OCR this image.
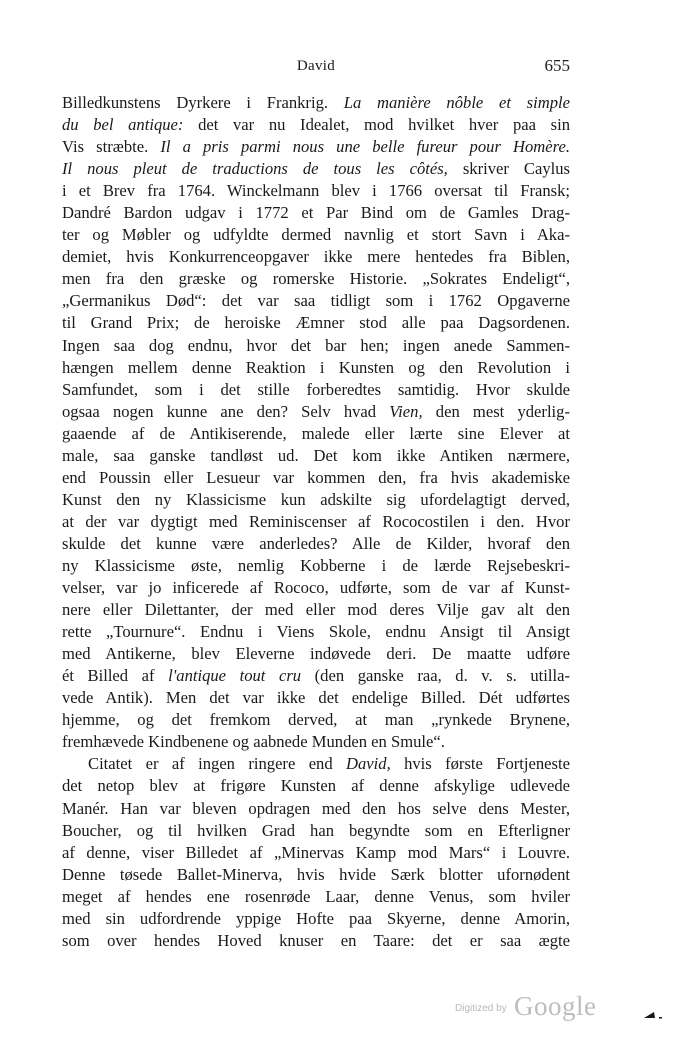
David	655
Billedkunstens Dyrkere i Frankrig. La manière nôble et simple
du bel antique: det var nu Idealet, mod hvilket hver paa sin
Vis stræbte. Il a pris parmi nous une belle fureur pour Homère.
Il nous pleut de traductions de tous les côtés, skriver Caylus
i et Brev fra 1764. Winckelmann blev i 1766 oversat til Fransk;
Dandré Bardon udgav i 1772 et Par Bind om de Gamles Drag-
ter og Møbler og udfyldte dermed navnlig et stort Savn i Aka-
demiet, hvis Konkurrenceopgaver ikke mere hentedes fra Biblen,
men fra den græske og romerske Historie. „Sokrates Endeligt“,
„Germanikus Død“: det var saa tidligt som i 1762 Opgaverne
til Grand Prix; de heroiske Æmner stod alle paa Dagsordenen.
Ingen saa dog endnu, hvor det bar hen; ingen anede Sammen-
hængen mellem denne Reaktion i Kunsten og den Revolution i
Samfundet, som i det stille forberedtes samtidig. Hvor skulde
ogsaa nogen kunne ane den? Selv hvad Vien, den mest yderlig-
gaaende af de Antikiserende, malede eller lærte sine Elever at
male, saa ganske tandløst ud. Det kom ikke Antiken nærmere,
end Poussin eller Lesueur var kommen den, fra hvis akademiske
Kunst den ny Klassicisme kun adskilte sig ufordelagtigt derved,
at der var dygtigt med Reminiscenser af Rococostilen i den. Hvor
skulde det kunne være anderledes? Alle de Kilder, hvoraf den
ny Klassicisme øste, nemlig Kobberne i de lærde Rejsebeskri-
velser, var jo inficerede af Rococo, udførte, som de var af Kunst-
nere eller Dilettanter, der med eller mod deres Vilje gav alt den
rette „Tournure“. Endnu i Viens Skole, endnu Ansigt til Ansigt
med Antikerne, blev Eleverne indøvede deri. De maatte udføre
ét Billed af l'antique tout cru (den ganske raa, d. v. s. utilla-
vede Antik). Men det var ikke det endelige Billed. Dét udførtes
hjemme, og det fremkom derved, at man „rynkede Brynene,
fremhævede Kindbenene og aabnede Munden en Smule“.
Citatet er af ingen ringere end David, hvis første Fortjeneste
det netop blev at frigøre Kunsten af denne afskylige udlevede
Manér. Han var bleven opdragen med den hos selve dens Mester,
Boucher, og til hvilken Grad han begyndte som en Efterligner
af denne, viser Billedet af „Minervas Kamp mod Mars“ i Louvre.
Denne tøsede Ballet-Minerva, hvis hvide Særk blotter ufornødent
meget af hendes ene rosenrøde Laar, denne Venus, som hviler
med sin udfordrende yppige Hofte paa Skyerne, denne Amorin,
som over hendes Hoved knuser en Taare: det er saa ægte
Digitized by Google
